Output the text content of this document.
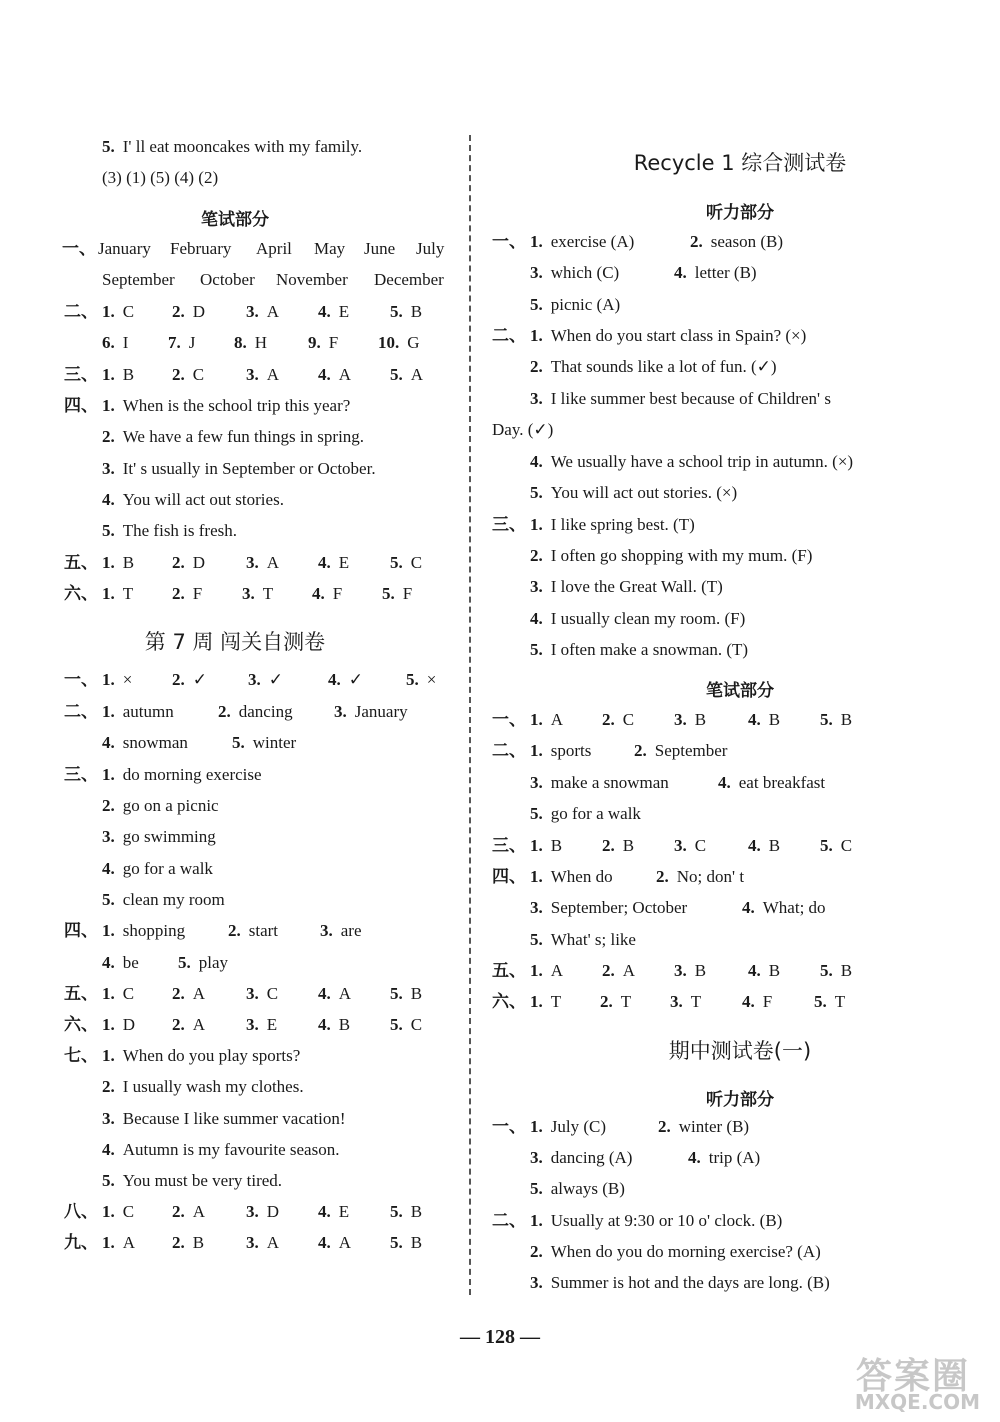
5. I' ll eat mooncakes with my family.
(3) (1) (5) (4) (2)
笔试部分
一、 January February April May June July
September October November December
二、 1. C 2. D 3. A 4. E 5. B
6. I 7. J 8. H 9. F 10. G
三、 1. B 2. C 3. A 4. A 5. A
四、 1. When is the school trip this year?
2. We have a few fun things in spring.
3. It' s usually in September or October.
4. You will act out stories.
5. The fish is fresh.
五、 1. B 2. D 3. A 4. E 5. C
六、 1. T 2. F 3. T 4. F 5. F
第 7 周 闯关自测卷
一、 1. × 2. ✓ 3. ✓	4. ✓	5. ×
二、 1. autumn	2. dancing 3. January
4. snowman	5. winter
三、 1. do morning exercise
2. go on a picnic
3. go swimming
4. go for a walk
5. clean my room
四、 1. shopping	2. start 3. are
4. be 5. play
五、 1. C 2. A 3. C 4. A 5. B
六、 1. D 2. A 3. E 4. B 5. C
七、 1. When do you play sports?
2. I usually wash my clothes.
3. Because I like summer vacation!
4. Autumn is my favourite season.
5. You must be very tired.
八、 1. C 2. A 3. D 4. E 5. B
九、 1. A 2. B 3. A 4. A 5. B
Recycle 1 综合测试卷
听力部分
一、 1. exercise (A)	2. season (B)
3. which (C)	4. letter (B)
5. picnic (A)
二、 1. When do you start class in Spain? (×)
2. That sounds like a lot of fun. (✓)
3. I like summer best because of Children' s
Day. (✓)
4. We usually have a school trip in autumn. (×)
5. You will act out stories. (×)
三、 1. I like spring best. (T)
2. I often go shopping with my mum. (F)
3. I love the Great Wall. (T)
4. I usually clean my room. (F)
5. I often make a snowman. (T)
笔试部分
一、 1. A 2. C 3. B 4. B 5. B
二、 1. sports	2. September
3. make a snowman	4. eat breakfast
5. go for a walk
三、 1. B 2. B 3. C 4. B 5. C
四、 1. When do	2. No; don' t
3. September; October	4. What; do
5. What' s; like
五、 1. A 2. A 3. B 4. B 5. B
六、 1. T 2. T 3. T 4. F 5. T
期中测试卷(一)
听力部分
一、 1. July (C)	2. winter (B)
3. dancing (A)	4. trip (A)
5. always (B)
二、 1. Usually at 9:30 or 10 o' clock. (B)
2. When do you do morning exercise? (A)
3. Summer is hot and the days are long. (B)
— 128 —
答案圈
MXQE.COM
